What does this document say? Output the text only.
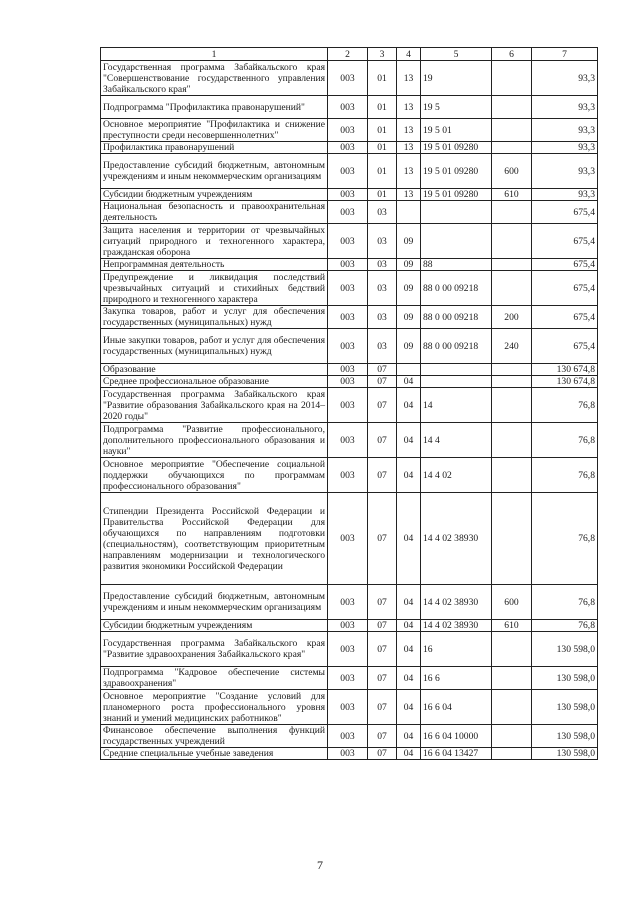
1	2	3	4	5	6	7
Государственная программа Забайкальского края "Совершенствование государственного управления Забайкальского края"	003	01	13	19		93,3
Подпрограмма "Профилактика правонарушений"	003	01	13	19 5		93,3
Основное мероприятие "Профилактика и снижение преступности среди несовершеннолетних"	003	01	13	19 5 01		93,3
Профилактика правонарушений	003	01	13	19 5 01 09280		93,3
Предоставление субсидий бюджетным, автономным учреждениям и иным некоммерческим организациям	003	01	13	19 5 01 09280	600	93,3
Субсидии бюджетным учреждениям	003	01	13	19 5 01 09280	610	93,3
Национальная безопасность и правоохранительная деятельность	003	03				675,4
Защита населения и территории от чрезвычайных ситуаций природного и техногенного характера, гражданская оборона	003	03	09			675,4
Непрограммная деятельность	003	03	09	88		675,4
Предупреждение и ликвидация последствий чрезвычайных ситуаций и стихийных бедствий природного и техногенного характера	003	03	09	88 0 00 09218		675,4
Закупка товаров, работ и услуг для обеспечения государственных (муниципальных) нужд	003	03	09	88 0 00 09218	200	675,4
Иные закупки товаров, работ и услуг для обеспечения государственных (муниципальных) нужд	003	03	09	88 0 00 09218	240	675,4
Образование	003	07				130 674,8
Среднее профессиональное образование	003	07	04			130 674,8
Государственная программа Забайкальского края "Развитие образования Забайкальского края на 2014–2020 годы"	003	07	04	14		76,8
Подпрограмма "Развитие профессионального, дополнительного профессионального образования и науки"	003	07	04	14 4		76,8
Основное мероприятие "Обеспечение социальной поддержки обучающихся по программам профессионального образования"	003	07	04	14 4 02		76,8
Стипендии Президента Российской Федерации и Правительства Российской Федерации для обучающихся по направлениям подготовки (специальностям), соответствующим приоритетным направлениям модернизации и технологического развития экономики Российской Федерации	003	07	04	14 4 02 38930		76,8
Предоставление субсидий бюджетным, автономным учреждениям и иным некоммерческим организациям	003	07	04	14 4 02 38930	600	76,8
Субсидии бюджетным учреждениям	003	07	04	14 4 02 38930	610	76,8
Государственная программа Забайкальского края "Развитие здравоохранения Забайкальского края"	003	07	04	16		130 598,0
Подпрограмма "Кадровое обеспечение системы здравоохранения"	003	07	04	16 6		130 598,0
Основное мероприятие "Создание условий для планомерного роста профессионального уровня знаний и умений медицинских работников"	003	07	04	16 6 04		130 598,0
Финансовое обеспечение выполнения функций государственных учреждений	003	07	04	16 6 04 10000		130 598,0
Средние специальные учебные заведения	003	07	04	16 6 04 13427		130 598,0
7
